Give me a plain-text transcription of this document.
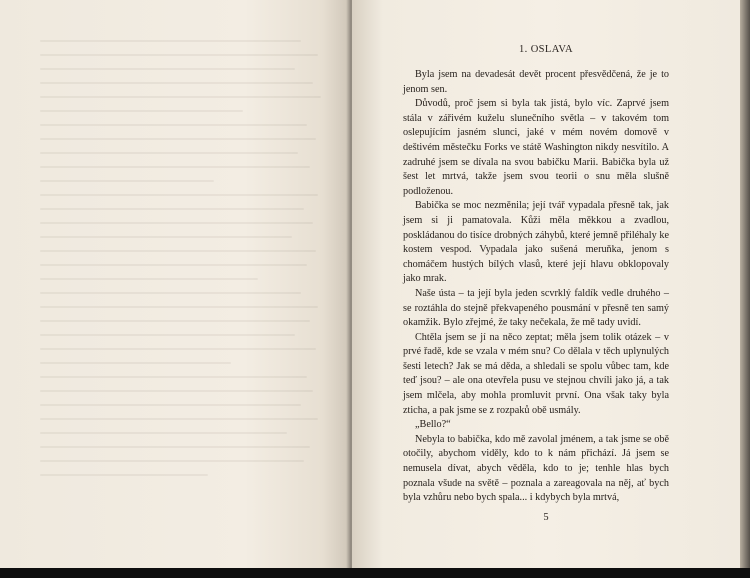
1. OSLAVA

Byla jsem na devadesát devět procent přesvědčená, že je to jenom sen.

Důvodů, proč jsem si byla tak jistá, bylo víc. Zaprvé jsem stála v zářivém kuželu slunečního světla – v takovém tom oslepujícím jasném slunci, jaké v mém novém domově v deštivém městečku Forks ve státě Washington nikdy nesvítilo. A zadruhé jsem se dívala na svou babičku Marii. Babička byla už šest let mrtvá, takže jsem svou teorii o snu měla slušně podloženou.

Babička se moc nezměnila; její tvář vypadala přesně tak, jak jsem si ji pamatovala. Kůži měla měkkou a zvadlou, poskládanou do tisíce drobných záhybů, které jemně přiléhaly ke kostem vespod. Vypadala jako sušená meruňka, jenom s chomáčem hustých bílých vlasů, které její hlavu obklopovaly jako mrak.

Naše ústa – ta její byla jeden scvrklý faldík vedle druhého – se roztáhla do stejně překvapeného pousmání v přesně ten samý okamžik. Bylo zřejmé, že taky nečekala, že mě tady uvidí.

Chtěla jsem se jí na něco zeptat; měla jsem tolik otázek – v prvé řadě, kde se vzala v mém snu? Co dělala v těch uplynulých šesti letech? Jak se má děda, a shledali se spolu vůbec tam, kde teď jsou? – ale ona otevřela pusu ve stejnou chvíli jako já, a tak jsem mlčela, aby mohla promluvit první. Ona však taky byla zticha, a pak jsme se z rozpaků obě usmály.

„Bello?“

Nebyla to babička, kdo mě zavolal jménem, a tak jsme se obě otočily, abychom viděly, kdo to k nám přichází. Já jsem se nemusela dívat, abych věděla, kdo to je; tenhle hlas bych poznala všude na světě – poznala a zareagovala na něj, ať bych byla vzhůru nebo bych spala... i kdybych byla mrtvá,

5
